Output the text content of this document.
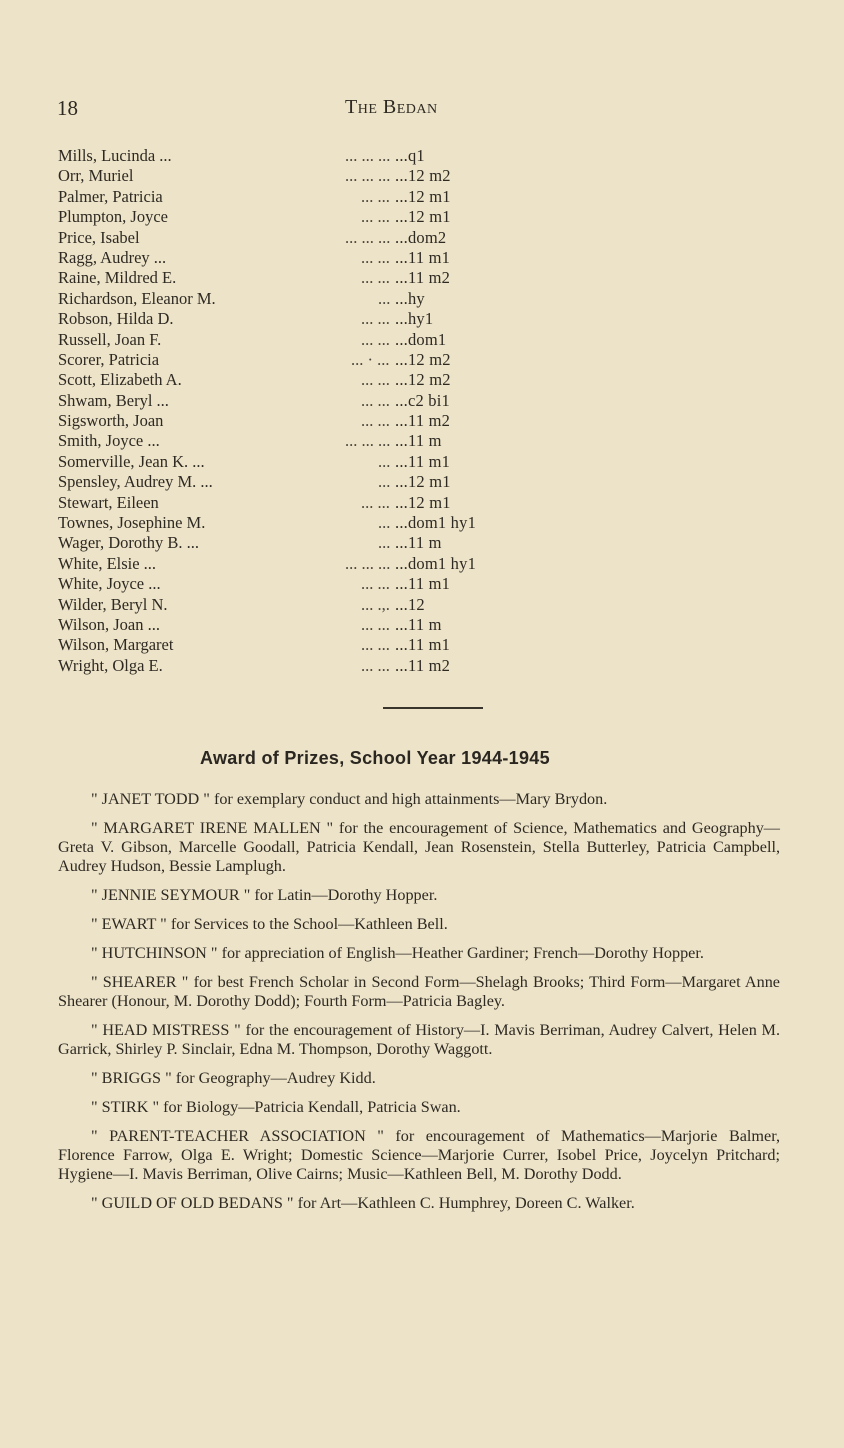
18	The Bedan
Mills, Lucinda ...	... ... ... ...q1
Orr, Muriel	... ... ... ...12 m2
Palmer, Patricia	... ... ...12 m1
Plumpton, Joyce	... ... ...12 m1
Price, Isabel	... ... ... ...dom2
Ragg, Audrey ...	... ... ...11 m1
Raine, Mildred E.	... ... ...11 m2
Richardson, Eleanor M.	... ...hy
Robson, Hilda D.	... ... ...hy1
Russell, Joan F.	... ... ...dom1
Scorer, Patricia	... · ... ...12 m2
Scott, Elizabeth A.	... ... ...12 m2
Shwam, Beryl ...	... ... ...c2 bi1
Sigsworth, Joan	... ... ...11 m2
Smith, Joyce ...	... ... ... ...11 m
Somerville, Jean K. ...	... ...11 m1
Spensley, Audrey M. ...	... ...12 m1
Stewart, Eileen	... ... ...12 m1
Townes, Josephine M.	... ...dom1 hy1
Wager, Dorothy B. ...	... ...11 m
White, Elsie ...	... ... ... ...dom1 hy1
White, Joyce ...	... ... ...11 m1
Wilder, Beryl N.	... .,. ...12
Wilson, Joan ...	... ... ...11 m
Wilson, Margaret	... ... ...11 m1
Wright, Olga E.	... ... ...11 m2
Award of Prizes, School Year 1944-1945

" JANET TODD " for exemplary conduct and high attainments—Mary Brydon.

" MARGARET IRENE MALLEN " for the encouragement of Science, Mathematics and Geography—Greta V. Gibson, Marcelle Goodall, Patricia Kendall, Jean Rosenstein, Stella Butterley, Patricia Campbell, Audrey Hudson, Bessie Lamplugh.

" JENNIE SEYMOUR " for Latin—Dorothy Hopper.

" EWART " for Services to the School—Kathleen Bell.

" HUTCHINSON " for appreciation of English—Heather Gardiner; French—Dorothy Hopper.

" SHEARER " for best French Scholar in Second Form—Shelagh Brooks; Third Form—Margaret Anne Shearer (Honour, M. Dorothy Dodd); Fourth Form—Patricia Bagley.

" HEAD MISTRESS " for the encouragement of History—I. Mavis Berriman, Audrey Calvert, Helen M. Garrick, Shirley P. Sinclair, Edna M. Thompson, Dorothy Waggott.

" BRIGGS " for Geography—Audrey Kidd.

" STIRK " for Biology—Patricia Kendall, Patricia Swan.

" PARENT-TEACHER ASSOCIATION " for encouragement of Mathematics—Marjorie Balmer, Florence Farrow, Olga E. Wright; Domestic Science—Marjorie Currer, Isobel Price, Joycelyn Pritchard; Hygiene—I. Mavis Berriman, Olive Cairns; Music—Kathleen Bell, M. Dorothy Dodd.

" GUILD OF OLD BEDANS " for Art—Kathleen C. Humphrey, Doreen C. Walker.
